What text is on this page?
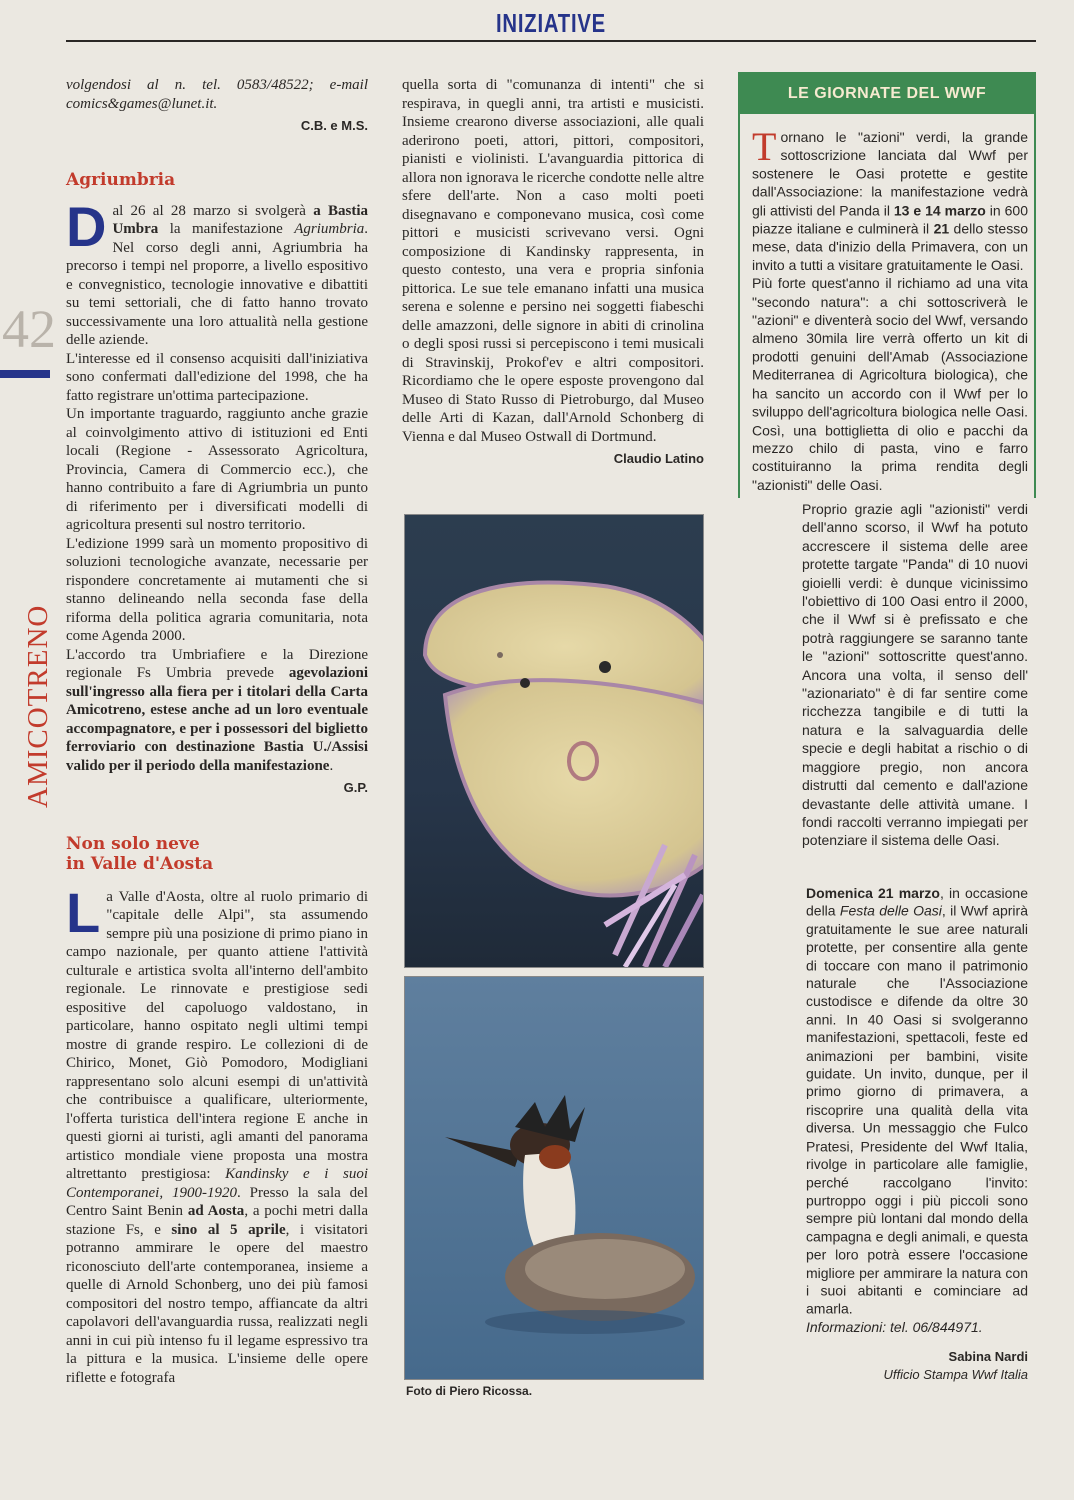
INIZIATIVE
42
AMICOTRENO

volgendosi al n. tel. 0583/48522; e-mail comics&games@lunet.it.

C.B. e M.S.
Agriumbria

D al 26 al 28 marzo si svolgerà a Bastia Umbra la manifestazione Agriumbria. Nel corso degli anni, Agriumbria ha precorso i tempi nel proporre, a livello espositivo e convegnistico, tecnologie innovative e dibattiti su temi settoriali, che di fatto hanno trovato successivamente una loro attualità nella gestione delle aziende.

L'interesse ed il consenso acquisiti dall'iniziativa sono confermati dall'edizione del 1998, che ha fatto registrare un'ottima partecipazione.

Un importante traguardo, raggiunto anche grazie al coinvolgimento attivo di istituzioni ed Enti locali (Regione - Assessorato Agricoltura, Provincia, Camera di Commercio ecc.), che hanno contribuito a fare di Agriumbria un punto di riferimento per i diversificati modelli di agricoltura presenti sul nostro territorio.

L'edizione 1999 sarà un momento propositivo di soluzioni tecnologiche avanzate, necessarie per rispondere concretamente ai mutamenti che si stanno delineando nella seconda fase della riforma della politica agraria comunitaria, nota come Agenda 2000.

L'accordo tra Umbriafiere e la Direzione regionale Fs Umbria prevede agevolazioni sull'ingresso alla fiera per i titolari della Carta Amicotreno, estese anche ad un loro eventuale accompagnatore, e per i possessori del biglietto ferroviario con destinazione Bastia U./Assisi valido per il periodo della manifestazione.

G.P.
Non solo neve
in Valle d'Aosta

L a Valle d'Aosta, oltre al ruolo primario di "capitale delle Alpi", sta assumendo sempre più una posizione di primo piano in campo nazionale, per quanto attiene l'attività culturale e artistica svolta all'interno dell'ambito regionale. Le rinnovate e prestigiose sedi espositive del capoluogo valdostano, in particolare, hanno ospitato negli ultimi tempi mostre di grande respiro. Le collezioni di de Chirico, Monet, Giò Pomodoro, Modigliani rappresentano solo alcuni esempi di un'attività che contribuisce a qualificare, ulteriormente, l'offerta turistica dell'intera regione E anche in questi giorni ai turisti, agli amanti del panorama artistico mondiale viene proposta una mostra altrettanto prestigiosa: Kandinsky e i suoi Contemporanei, 1900-1920. Presso la sala del Centro Saint Benin ad Aosta, a pochi metri dalla stazione Fs, e sino al 5 aprile, i visitatori potranno ammirare le opere del maestro riconosciuto dell'arte contemporanea, insieme a quelle di Arnold Schonberg, uno dei più famosi compositori del nostro tempo, affiancate da altri capolavori dell'avanguardia russa, realizzati negli anni in cui più intenso fu il legame espressivo tra la pittura e la musica. L'insieme delle opere riflette e fotografa

quella sorta di "comunanza di intenti" che si respirava, in quegli anni, tra artisti e musicisti. Insieme crearono diverse associazioni, alle quali aderirono poeti, attori, pittori, compositori, pianisti e violinisti. L'avanguardia pittorica di allora non ignorava le ricerche condotte nelle altre sfere dell'arte. Non a caso molti poeti disegnavano e componevano musica, così come pittori e musicisti scrivevano versi. Ogni composizione di Kandinsky rappresenta, in questo contesto, una vera e propria sinfonia pittorica. Le sue tele emanano infatti una musica serena e solenne e persino nei soggetti fiabeschi delle amazzoni, delle signore in abiti di crinolina o degli sposi russi si percepiscono i temi musicali di Stravinskij, Prokof'ev e altri compositori. Ricordiamo che le opere esposte provengono dal Museo di Stato Russo di Pietroburgo, dal Museo delle Arti di Kazan, dall'Arnold Schonberg di Vienna e dal Museo Ostwall di Dortmund.

Claudio Latino
Foto di Piero Ricossa.
LE GIORNATE DEL WWF

T ornano le "azioni" verdi, la grande sottoscrizione lanciata dal Wwf per sostenere le Oasi protette e gestite dall'Associazione: la manifestazione vedrà gli attivisti del Panda il 13 e 14 marzo in 600 piazze italiane e culminerà il 21 dello stesso mese, data d'inizio della Primavera, con un invito a tutti a visitare gratuitamente le Oasi.

Più forte quest'anno il richiamo ad una vita "secondo natura": a chi sottoscriverà le "azioni" e diventerà socio del Wwf, versando almeno 30mila lire verrà offerto un kit di prodotti genuini dell'Amab (Associazione Mediterranea di Agricoltura biologica), che ha sancito un accordo con il Wwf per lo sviluppo dell'agricoltura biologica nelle Oasi. Così, una bottiglietta di olio e pacchi da mezzo chilo di pasta, vino e farro costituiranno la prima rendita degli "azionisti" delle Oasi.

Proprio grazie agli "azionisti" verdi dell'anno scorso, il Wwf ha potuto accrescere il sistema delle aree protette targate "Panda" di 10 nuovi gioielli verdi: è dunque vicinissimo l'obiettivo di 100 Oasi entro il 2000, che il Wwf si è prefissato e che potrà raggiungere se saranno tante le "azioni" sottoscritte quest'anno. Ancora una volta, il senso dell' "azionariato" è di far sentire come ricchezza tangibile e di tutti la natura e la salvaguardia delle specie e degli habitat a rischio o di maggiore pregio, non ancora distrutti dal cemento e dall'azione devastante delle attività umane. I fondi raccolti verranno impiegati per potenziare il sistema delle Oasi.

Domenica 21 marzo, in occasione della Festa delle Oasi, il Wwf aprirà gratuitamente le sue aree naturali protette, per consentire alla gente di toccare con mano il patrimonio naturale che l'Associazione custodisce e difende da oltre 30 anni. In 40 Oasi si svolgeranno manifestazioni, spettacoli, feste ed animazioni per bambini, visite guidate. Un invito, dunque, per il primo giorno di primavera, a riscoprire una qualità della vita diversa. Un messaggio che Fulco Pratesi, Presidente del Wwf Italia, rivolge in particolare alle famiglie, perché raccolgano l'invito: purtroppo oggi i più piccoli sono sempre più lontani dal mondo della campagna e degli animali, e questa per loro potrà essere l'occasione migliore per ammirare la natura con i suoi abitanti e cominciare ad amarla.

Informazioni: tel. 06/844971.

Sabina Nardi
Ufficio Stampa Wwf Italia
